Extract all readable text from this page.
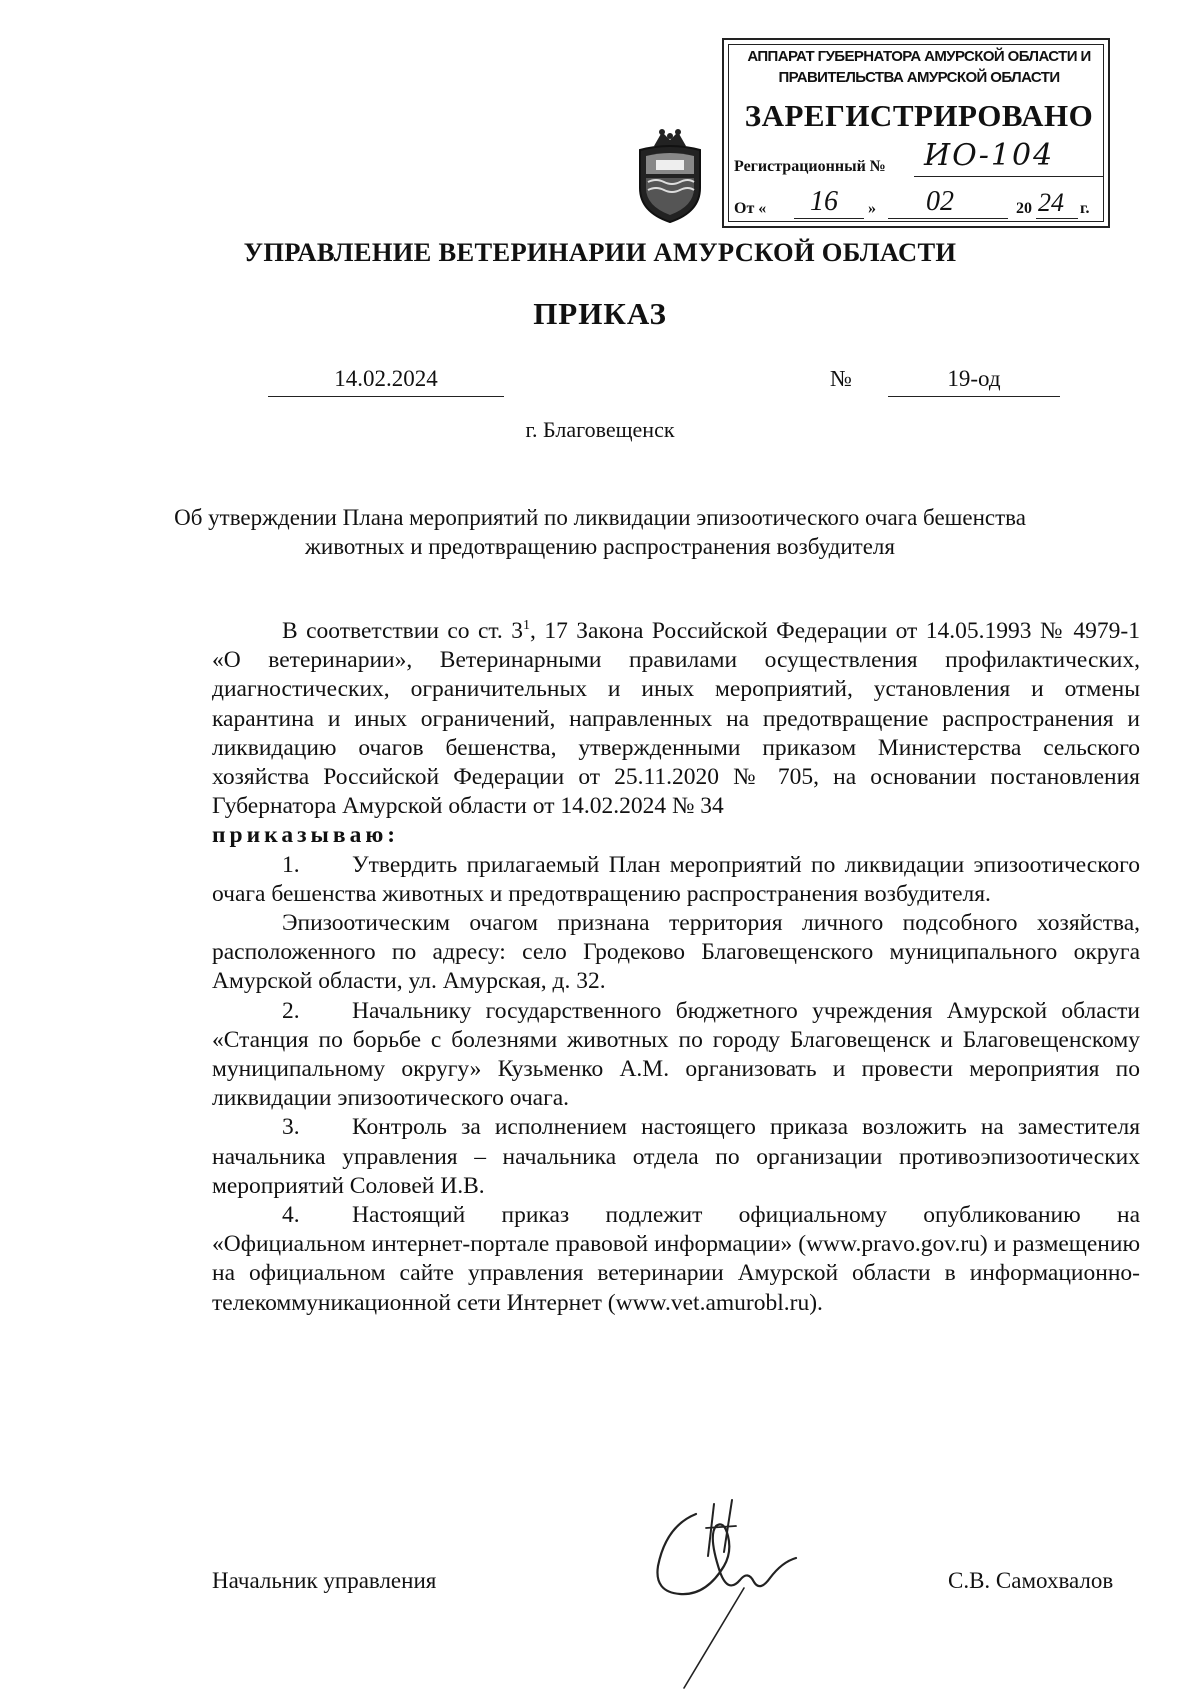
АППАРАТ ГУБЕРНАТОРА АМУРСКОЙ ОБЛАСТИ И ПРАВИТЕЛЬСТВА АМУРСКОЙ ОБЛАСТИ
ЗАРЕГИСТРИРОВАНО
Регистрационный № ИО-104
От «	16	»	02	20 24 г.
УПРАВЛЕНИЕ ВЕТЕРИНАРИИ АМУРСКОЙ ОБЛАСТИ
ПРИКАЗ
14.02.2024	№	19-од
г. Благовещенск
Об утверждении Плана мероприятий по ликвидации эпизоотического очага бешенства животных и предотвращению распространения возбудителя

В соответствии со ст. $3^1$, 17 Закона Российской Федерации от 14.05.1993 № 4979-1 «О ветеринарии», Ветеринарными правилами осуществления профилактических, диагностических, ограничительных и иных мероприятий, установления и отмены карантина и иных ограничений, направленных на предотвращение распространения и ликвидацию очагов бешенства, утвержденными приказом Министерства сельского хозяйства Российской Федерации от 25.11.2020 № 705, на основании постановления Губернатора Амурской области от 14.02.2024 № 34

приказываю:

1. Утвердить прилагаемый План мероприятий по ликвидации эпизоотического очага бешенства животных и предотвращению распространения возбудителя.

Эпизоотическим очагом признана территория личного подсобного хозяйства, расположенного по адресу: село Гродеково Благовещенского муниципального округа Амурской области, ул. Амурская, д. 32.

2. Начальнику государственного бюджетного учреждения Амурской области «Станция по борьбе с болезнями животных по городу Благовещенск и Благовещенскому муниципальному округу» Кузьменко А.М. организовать и провести мероприятия по ликвидации эпизоотического очага.

3. Контроль за исполнением настоящего приказа возложить на заместителя начальника управления – начальника отдела по организации противоэпизоотических мероприятий Соловей И.В.

4. Настоящий приказ подлежит официальному опубликованию на «Официальном интернет-портале правовой информации» (www.pravo.gov.ru) и размещению на официальном сайте управления ветеринарии Амурской области в информационно-телекоммуникационной сети Интернет (www.vet.amurobl.ru).

Начальник управления	С.В. Самохвалов
